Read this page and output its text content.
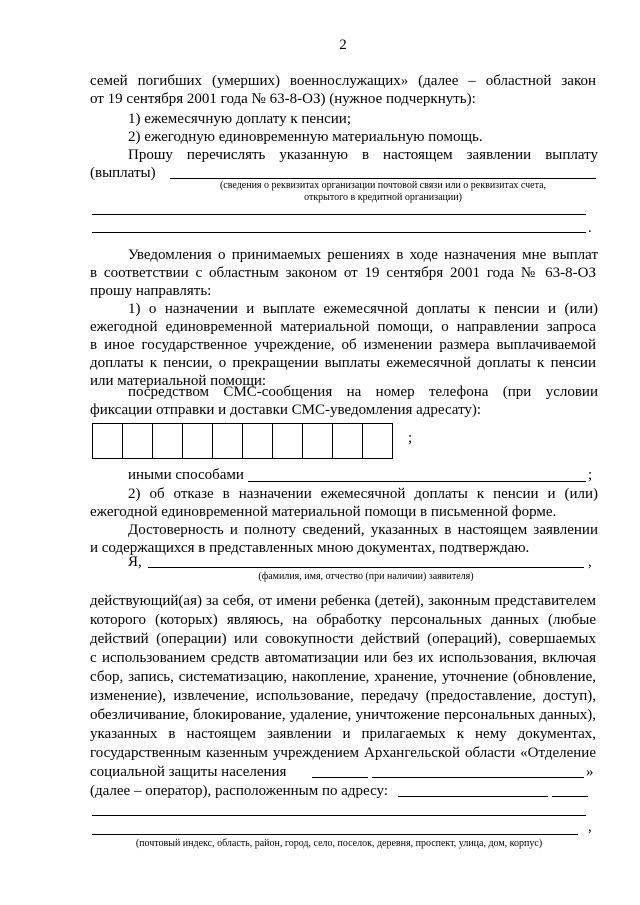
2
семей погибших (умерших) военнослужащих» (далее – областной закон
от 19 сентября 2001 года № 63-8-ОЗ) (нужное подчеркнуть):
1) ежемесячную доплату к пенсии;
2) ежегодную единовременную материальную помощь.
Прошу перечислять указанную в настоящем заявлении выплату
(выплаты)
(сведения о реквизитах организации почтовой связи или о реквизитах счета,
открытого в кредитной организации)
.
Уведомления о принимаемых решениях в ходе назначения мне выплат
в соответствии с областным законом от 19 сентября 2001 года № 63-8-ОЗ
прошу направлять:
1) о назначении и выплате ежемесячной доплаты к пенсии и (или)
ежегодной единовременной материальной помощи, о направлении запроса
в иное государственное учреждение, об изменении размера выплачиваемой
доплаты к пенсии, о прекращении выплаты ежемесячной доплаты к пенсии
или материальной помощи:
посредством СМС-сообщения на номер телефона (при условии
фиксации отправки и доставки СМС-уведомления адресату):
;
иными способами	;
2) об отказе в назначении ежемесячной доплаты к пенсии и (или)
ежегодной единовременной материальной помощи в письменной форме.
Достоверность и полноту сведений, указанных в настоящем заявлении
и содержащихся в представленных мною документах, подтверждаю.
Я,	,
(фамилия, имя, отчество (при наличии) заявителя)
действующий(ая) за себя, от имени ребенка (детей), законным представителем
которого (которых) являюсь, на обработку персональных данных (любые
действий (операции) или совокупности действий (операций), совершаемых
с использованием средств автоматизации или без их использования, включая
сбор, запись, систематизацию, накопление, хранение, уточнение (обновление,
изменение), извлечение, использование, передачу (предоставление, доступ),
обезличивание, блокирование, удаление, уничтожение персональных данных),
указанных в настоящем заявлении и прилагаемых к нему документах,
государственным казенным учреждением Архангельской области «Отделение
социальной защиты населения	»
(далее – оператор), расположенным по адресу:
,
(почтовый индекс, область, район, город, село, поселок, деревня, проспект, улица, дом, корпус)
